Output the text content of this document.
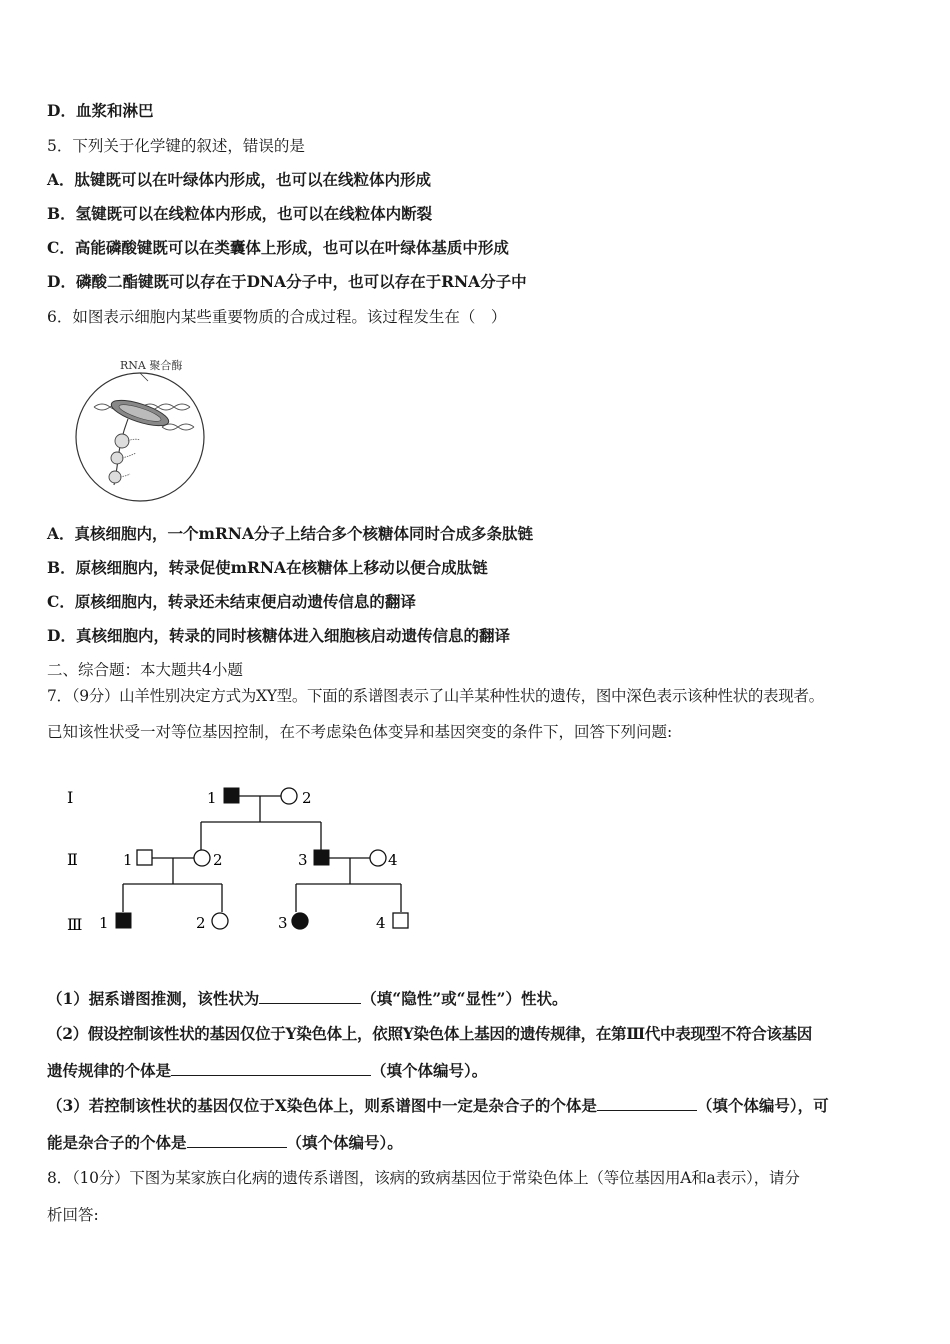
D．血浆和淋巴
5．下列关于化学键的叙述，错误的是
A．肽键既可以在叶绿体内形成，也可以在线粒体内形成
B．氢键既可以在线粒体内形成，也可以在线粒体内断裂
C．高能磷酸键既可以在类囊体上形成，也可以在叶绿体基质中形成
D．磷酸二酯键既可以存在于DNA分子中，也可以存在于RNA分子中
6．如图表示细胞内某些重要物质的合成过程。该过程发生在（　）
RNA 聚合酶
A．真核细胞内，一个mRNA分子上结合多个核糖体同时合成多条肽链
B．原核细胞内，转录促使mRNA在核糖体上移动以便合成肽链
C．原核细胞内，转录还未结束便启动遗传信息的翻译
D．真核细胞内，转录的同时核糖体进入细胞核启动遗传信息的翻译
二、综合题：本大题共4小题
7．（9分）山羊性别决定方式为XY型。下面的系谱图表示了山羊某种性状的遗传，图中深色表示该种性状的表现者。
已知该性状受一对等位基因控制，在不考虑染色体变异和基因突变的条件下，回答下列问题:
Ⅰ
Ⅱ
Ⅲ
1	2
1	2	3	4
1	2	3	4
（1）据系谱图推测，该性状为	（填“隐性”或“显性”）性状。
（2）假设控制该性状的基因仅位于Y染色体上，依照Y染色体上基因的遗传规律，在第Ⅲ代中表现型不符合该基因
遗传规律的个体是	（填个体编号）。
（3）若控制该性状的基因仅位于X染色体上，则系谱图中一定是杂合子的个体是	（填个体编号），可
能是杂合子的个体是	（填个体编号）。
8．（10分）下图为某家族白化病的遗传系谱图，该病的致病基因位于常染色体上（等位基因用A和a表示），请分
析回答:
